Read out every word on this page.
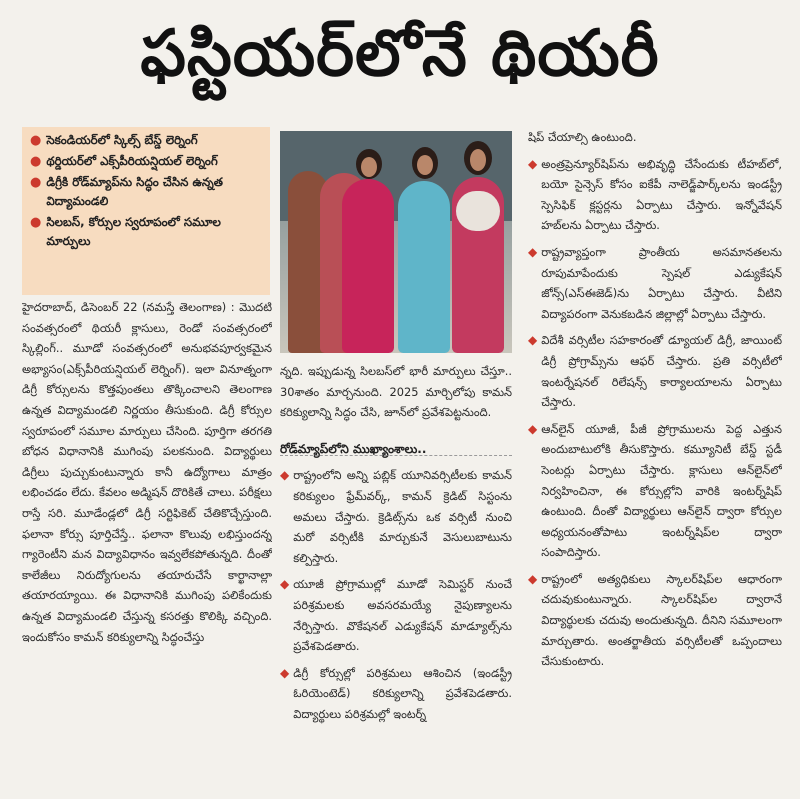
ఫస్టియర్‌లోనే థియరీ
● సెకండియర్‌లో స్కిల్స్ బేస్డ్ లెర్నింగ్
● థర్డియర్‌లో ఎక్స్‌పీరియన్షియల్ లెర్నింగ్
● డిగ్రీకి రోడ్‌మ్యాప్‌ను సిద్ధం చేసిన ఉన్నత విద్యామండలి
● సిలబస్, కోర్సుల స్వరూపంలో సమూల మార్పులు

హైదరాబాద్, డిసెంబర్ 22 (నమస్తే తెలంగాణ) : మొదటి సంవత్సరంలో థియరీ క్లాసులు, రెండో సంవత్సరంలో స్కిల్లింగ్.. మూడో సంవత్సరంలో అనుభవపూర్వకమైన అభ్యాసం(ఎక్స్‌పీరియన్షియల్ లెర్నింగ్). ఇలా వినూత్నంగా డిగ్రీ కోర్సులను కొత్తపుంతలు తొక్కించాలని తెలంగాణ ఉన్నత విద్యామండలి నిర్ణయం తీసుకుంది. డిగ్రీ కోర్సుల స్వరూపంలో సమూల మార్పులు చేసింది. పూర్తిగా తరగతి బోధన విధానానికి ముగింపు పలకనుంది. విద్యార్థులు డిగ్రీలు పుచ్చుకుంటున్నారు కానీ ఉద్యోగాలు మాత్రం లభించడం లేదు. కేవలం అడ్మిషన్ దొరికితే చాలు. పరీక్షలు రాస్తే సరి. మూడేండ్లలో డిగ్రీ సర్టిఫికెట్ చేతికొచ్చేస్తుంది. ఫలానా కోర్సు పూర్తిచేస్తే.. ఫలానా కొలువు లభిస్తుందన్న గ్యారెంటీని మన విద్యావిధానం ఇవ్వలేకపోతున్నది. దీంతో కాలేజీలు నిరుద్యోగులను తయారుచేసే కార్ఖానాల్లా తయారయ్యాయి. ఈ విధానానికి ముగింపు పలికేందుకు ఉన్నత విద్యామండలి చేస్తున్న కసరత్తు కొలిక్కి వచ్చింది. ఇందుకోసం కామన్ కరిక్యులాన్ని సిద్ధంచేస్తు

న్నది. ఇప్పుడున్న సిలబస్‌లో భారీ మార్పులు చేస్తూ.. 30శాతం మార్చనుంది. 2025 మార్చిలోపు కామన్ కరిక్యులాన్ని సిద్ధం చేసి, జూన్‌లో ప్రవేశపెట్టనుంది.

రోడ్‌మ్యాప్‌లోని ముఖ్యాంశాలు..

◆ రాష్ట్రంలోని అన్ని పబ్లిక్ యూనివర్సిటీలకు కామన్ కరిక్యులం ఫ్రేమ్‌వర్క్, కామన్ క్రెడిట్ సిస్టంను అమలు చేస్తారు. క్రెడిట్స్‌ను ఒక వర్సిటీ నుంచి మరో వర్సిటీకి మార్చుకునే వెసులుబాటును కల్పిస్తారు.

◆ యూజీ ప్రోగ్రాముల్లో మూడో సెమిస్టర్ నుంచే పరిశ్రమలకు అవసరమయ్యే నైపుణ్యాలను నేర్పిస్తారు. వొకేషనల్ ఎడ్యుకేషన్ మాడ్యూల్స్‌ను ప్రవేశపెడతారు.

◆ డిగ్రీ కోర్సుల్లో పరిశ్రమలు ఆశించిన (ఇండస్ట్రీ ఓరియెంటెడ్) కరిక్యులాన్ని ప్రవేశపెడతారు. విద్యార్థులు పరిశ్రమల్లో ఇంటర్న్

షిప్ చేయాల్సి ఉంటుంది.

◆ అంత్రప్రెన్యూర్‌షిప్‌ను అభివృద్ధి చేసేందుకు టీహబ్‌లో, బయో సైన్సెస్ కోసం ఐకేపీ నాలెడ్జ్‌పార్క్‌లను ఇండస్ట్రీ స్పెసిఫిక్ క్లస్టర్లను ఏర్పాటు చేస్తారు. ఇన్నోవేషన్ హబ్‌లను ఏర్పాటు చేస్తారు.

◆ రాష్ట్రవ్యాప్తంగా ప్రాంతీయ అసమానతలను రూపుమాపేందుకు స్పెషల్ ఎడ్యుకేషన్ జోన్స్(ఎస్‌ఈజెడ్)ను ఏర్పాటు చేస్తారు. వీటిని విద్యాపరంగా వెనుకబడిన జిల్లాల్లో ఏర్పాటు చేస్తారు.

◆ విదేశీ వర్సిటీల సహకారంతో డ్యూయల్ డిగ్రీ, జాయింట్ డిగ్రీ ప్రోగ్రామ్స్‌ను ఆఫర్ చేస్తారు. ప్రతి వర్సిటీలో ఇంటర్నేషనల్ రిలేషన్స్ కార్యాలయాలను ఏర్పాటు చేస్తారు.

◆ ఆన్‌లైన్ యూజీ, పీజీ ప్రోగ్రాములను పెద్ద ఎత్తున అందుబాటులోకి తీసుకొస్తారు. కమ్యూనిటీ బేస్డ్ స్టడీ సెంటర్లు ఏర్పాటు చేస్తారు. క్లాసులు ఆన్‌లైన్‌లో నిర్వహించినా, ఈ కోర్సుల్లోని వారికి ఇంటర్న్‌షిప్ ఉంటుంది. దీంతో విద్యార్థులు ఆన్‌లైన్ ద్వారా కోర్సుల అధ్యయనంతోపాటు ఇంటర్న్‌షిప్‌ల ద్వారా సంపాదిస్తారు.

◆ రాష్ట్రంలో అత్యధికులు స్కాలర్‌షిప్‌ల ఆధారంగా చదువుకుంటున్నారు. స్కాలర్‌షిప్‌ల ద్వారానే విద్యార్థులకు చదువు అందుతున్నది. దీనిని సమూలంగా మార్చుతారు. అంతర్జాతీయ వర్సిటీలతో ఒప్పందాలు చేసుకుంటారు.
